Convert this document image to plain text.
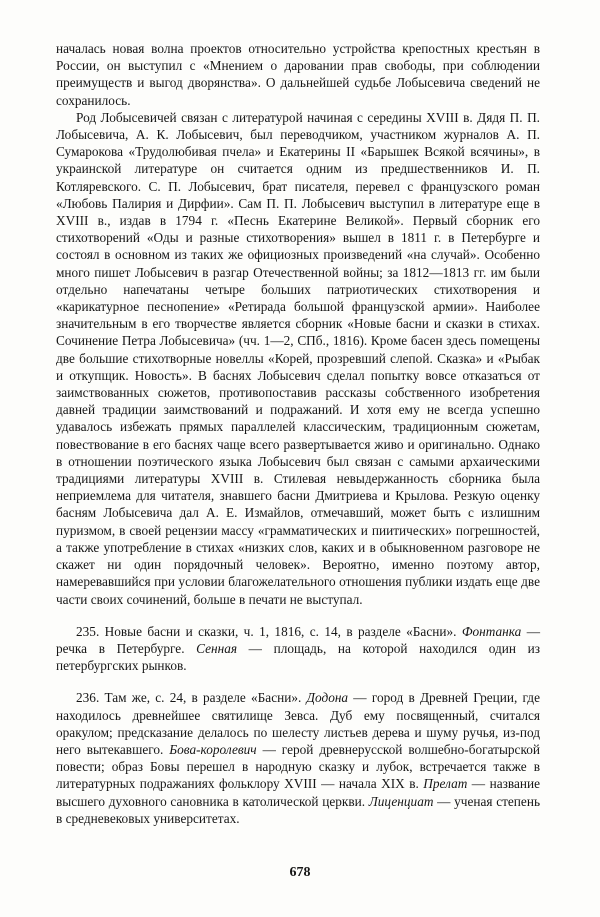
началась новая волна проектов относительно устройства крепостных крестьян в России, он выступил с «Мнением о даровании прав свободы, при соблюдении преимуществ и выгод дворянства». О дальнейшей судьбе Лобысевича сведений не сохранилось.

Род Лобысевичей связан с литературой начиная с середины XVIII в. Дядя П. П. Лобысевича, А. К. Лобысевич, был переводчиком, участником журналов А. П. Сумарокова «Трудолюбивая пчела» и Екатерины II «Барышек Всякой всячины», в украинской литературе он считается одним из предшественников И. П. Котляревского. С. П. Лобысевич, брат писателя, перевел с французского роман «Любовь Палирия и Дирфии». Сам П. П. Лобысевич выступил в литературе еще в XVIII в., издав в 1794 г. «Песнь Екатерине Великой». Первый сборник его стихотворений «Оды и разные стихотворения» вышел в 1811 г. в Петербурге и состоял в основном из таких же официозных произведений «на случай». Особенно много пишет Лобысевич в разгар Отечественной войны; за 1812—1813 гг. им были отдельно напечатаны четыре больших патриотических стихотворения и «карикатурное песнопение» «Ретирада большой французской армии». Наиболее значительным в его творчестве является сборник «Новые басни и сказки в стихах. Сочинение Петра Лобысевича» (чч. 1—2, СПб., 1816). Кроме басен здесь помещены две большие стихотворные новеллы «Корей, прозревший слепой. Сказка» и «Рыбак и откупщик. Новость». В баснях Лобысевич сделал попытку вовсе отказаться от заимствованных сюжетов, противопоставив рассказы собственного изобретения давней традиции заимствований и подражаний. И хотя ему не всегда успешно удавалось избежать прямых параллелей классическим, традиционным сюжетам, повествование в его баснях чаще всего развертывается живо и оригинально. Однако в отношении поэтического языка Лобысевич был связан с самыми архаическими традициями литературы XVIII в. Стилевая невыдержанность сборника была неприемлема для читателя, знавшего басни Дмитриева и Крылова. Резкую оценку басням Лобысевича дал А. Е. Измайлов, отмечавший, может быть с излишним пуризмом, в своей рецензии массу «грамматических и пиитических» погрешностей, а также употребление в стихах «низких слов, каких и в обыкновенном разговоре не скажет ни один порядочный человек». Вероятно, именно поэтому автор, намеревавшийся при условии благожелательного отношения публики издать еще две части своих сочинений, больше в печати не выступал.

235. Новые басни и сказки, ч. 1, 1816, с. 14, в разделе «Басни». Фонтанка — речка в Петербурге. Сенная — площадь, на которой находился один из петербургских рынков.

236. Там же, с. 24, в разделе «Басни». Додона — город в Древней Греции, где находилось древнейшее святилище Зевса. Дуб ему посвященный, считался оракулом; предсказание делалось по шелесту листьев дерева и шуму ручья, из-под него вытекавшего. Бова-королевич — герой древнерусской волшебно-богатырской повести; образ Бовы перешел в народную сказку и лубок, встречается также в литературных подражаниях фольклору XVIII — начала XIX в. Прелат — название высшего духовного сановника в католической церкви. Лиценциат — ученая степень в средневековых университетах.

678
